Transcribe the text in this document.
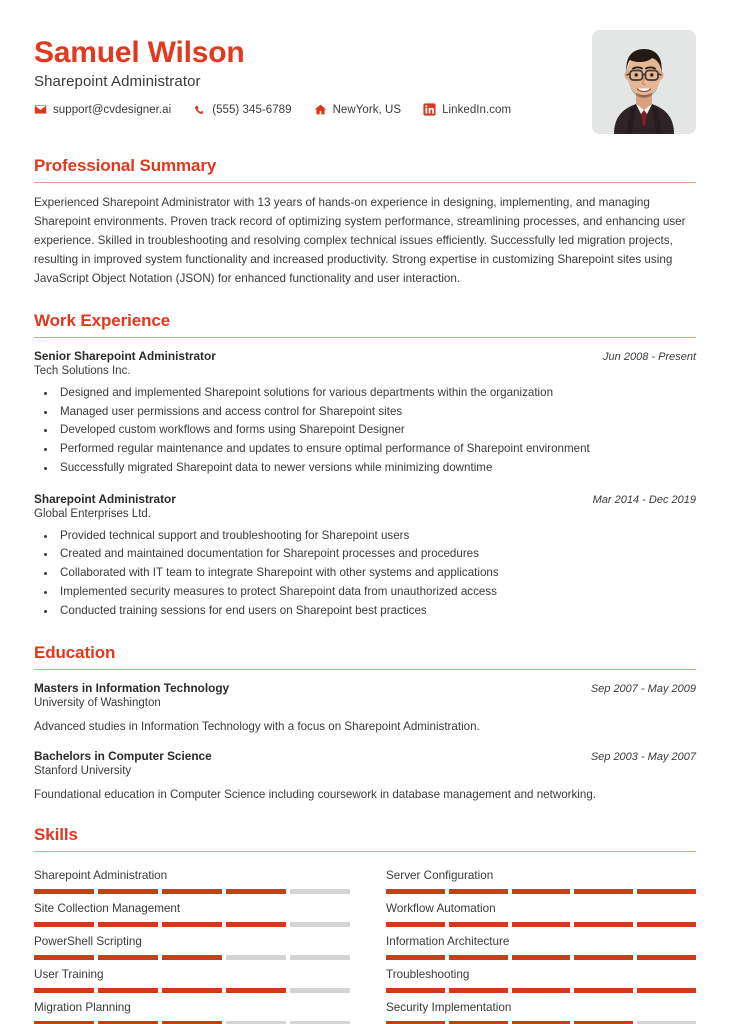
Samuel Wilson
Sharepoint Administrator
support@cvdesigner.ai	(555) 345-6789	NewYork, US	LinkedIn.com
Professional Summary

Experienced Sharepoint Administrator with 13 years of hands-on experience in designing, implementing, and managing Sharepoint environments. Proven track record of optimizing system performance, streamlining processes, and enhancing user experience. Skilled in troubleshooting and resolving complex technical issues efficiently. Successfully led migration projects, resulting in improved system functionality and increased productivity. Strong expertise in customizing Sharepoint sites using JavaScript Object Notation (JSON) for enhanced functionality and user interaction.

Work Experience
Senior Sharepoint Administrator	Jun 2008 - Present
Tech Solutions Inc.
• Designed and implemented Sharepoint solutions for various departments within the organization
• Managed user permissions and access control for Sharepoint sites
• Developed custom workflows and forms using Sharepoint Designer
• Performed regular maintenance and updates to ensure optimal performance of Sharepoint environment
• Successfully migrated Sharepoint data to newer versions while minimizing downtime
Sharepoint Administrator	Mar 2014 - Dec 2019
Global Enterprises Ltd.
• Provided technical support and troubleshooting for Sharepoint users
• Created and maintained documentation for Sharepoint processes and procedures
• Collaborated with IT team to integrate Sharepoint with other systems and applications
• Implemented security measures to protect Sharepoint data from unauthorized access
• Conducted training sessions for end users on Sharepoint best practices
Education
Masters in Information Technology	Sep 2007 - May 2009
University of Washington
Advanced studies in Information Technology with a focus on Sharepoint Administration.
Bachelors in Computer Science	Sep 2003 - May 2007
Stanford University
Foundational education in Computer Science including coursework in database management and networking.
Skills
Sharepoint Administration	Server Configuration
Site Collection Management	Workflow Automation
PowerShell Scripting	Information Architecture
User Training	Troubleshooting
Migration Planning	Security Implementation
